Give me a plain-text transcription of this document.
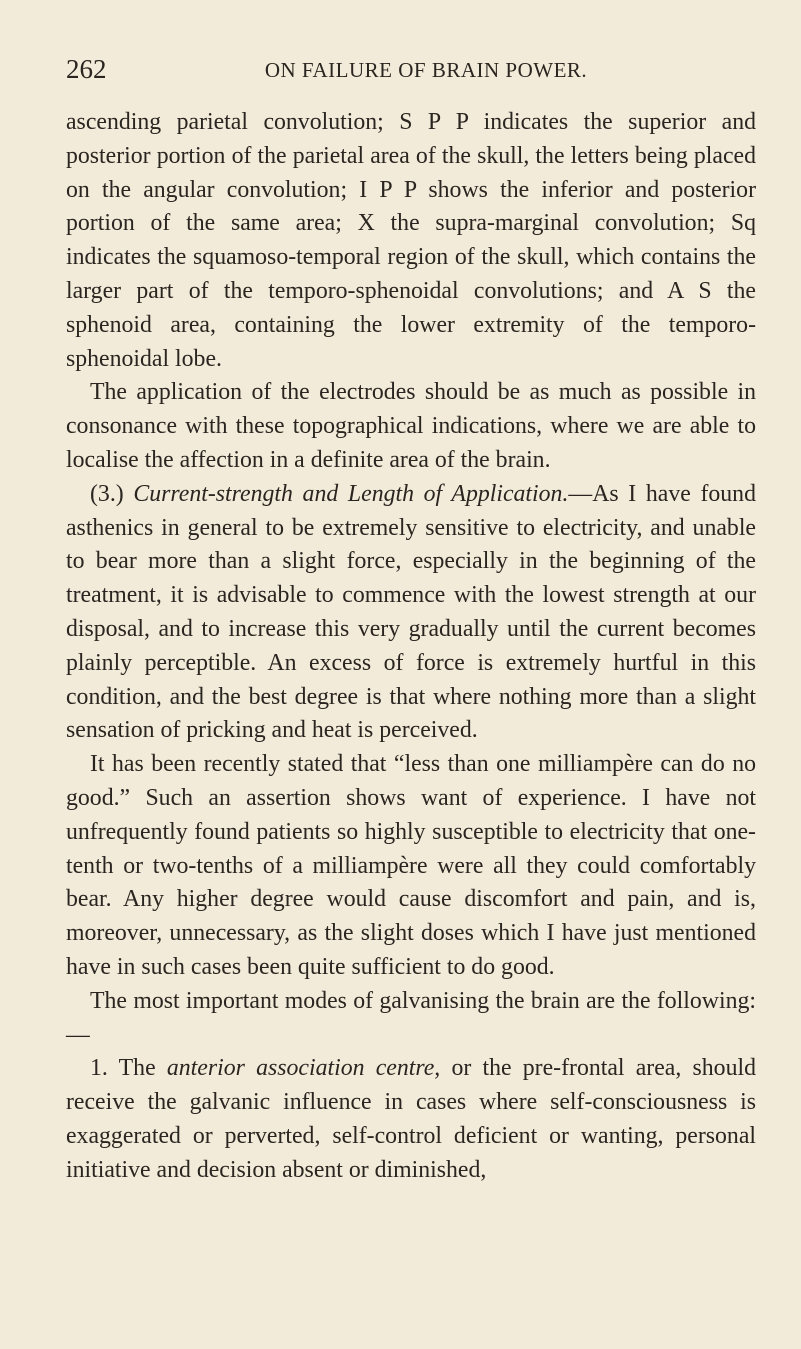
262	ON FAILURE OF BRAIN POWER.

ascending parietal convolution; S P P indicates the superior and posterior portion of the parietal area of the skull, the letters being placed on the angular convolution; I P P shows the inferior and posterior portion of the same area; X the supra-marginal convolution; Sq indicates the squamoso-temporal region of the skull, which contains the larger part of the temporo-sphenoidal convolutions; and A S the sphenoid area, containing the lower extremity of the temporo-sphenoidal lobe.

The application of the electrodes should be as much as possible in consonance with these topographical indications, where we are able to localise the affection in a definite area of the brain.

(3.) Current-strength and Length of Application.—As I have found asthenics in general to be extremely sensitive to electricity, and unable to bear more than a slight force, especially in the beginning of the treatment, it is advisable to commence with the lowest strength at our disposal, and to increase this very gradually until the current becomes plainly perceptible. An excess of force is extremely hurtful in this condition, and the best degree is that where nothing more than a slight sensation of pricking and heat is perceived.

It has been recently stated that “less than one milliampère can do no good.” Such an assertion shows want of experience. I have not unfrequently found patients so highly susceptible to electricity that one-tenth or two-tenths of a milliampère were all they could comfortably bear. Any higher degree would cause discomfort and pain, and is, moreover, unnecessary, as the slight doses which I have just mentioned have in such cases been quite sufficient to do good.

The most important modes of galvanising the brain are the following:—

1. The anterior association centre, or the pre-frontal area, should receive the galvanic influence in cases where self-consciousness is exaggerated or perverted, self-control deficient or wanting, personal initiative and decision absent or diminished,
